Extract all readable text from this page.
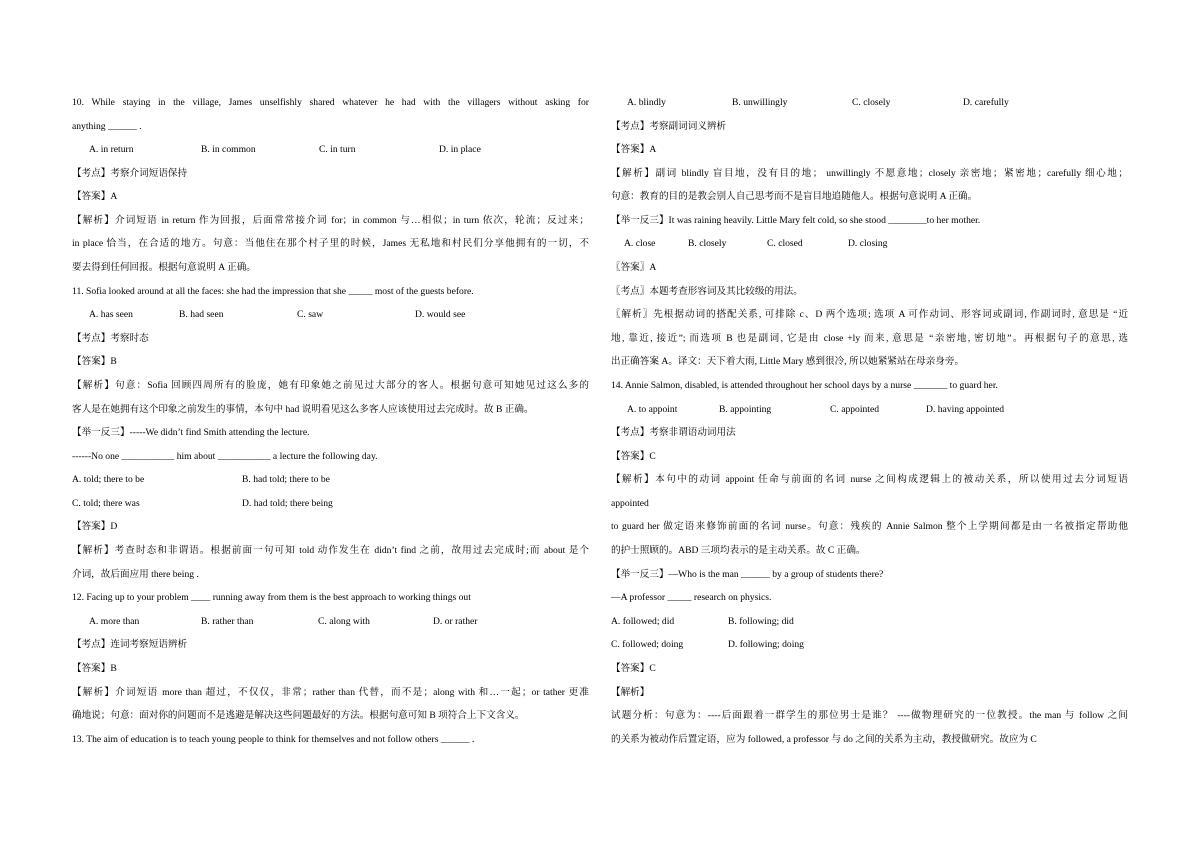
10. While staying in the village, James unselfishly shared whatever he had with the villagers without asking for
anything ______ .
A. in return	B. in common	C. in turn	D. in place
【考点】考察介词短语保持
【答案】A
【解析】介词短语 in return 作为回报，后面常常接介词 for；in common 与…相似；in turn 依次，轮流；反过来；
in place 恰当，在合适的地方。句意：当他住在那个村子里的时候，James 无私地和村民们分享他拥有的一切，不
要去得到任何回报。根据句意说明 A 正确。
11. Sofia looked around at all the faces: she had the impression that she _____ most of the guests before.
A. has seen	B. had seen	C. saw	D. would see
【考点】考察时态
【答案】B
【解析】句意：Sofia 回顾四周所有的脸庞，她有印象她之前见过大部分的客人。根据句意可知她见过这么多的
客人是在她拥有这个印象之前发生的事情，本句中 had 说明看见这么多客人应该使用过去完成时。故 B 正确。
【举一反三】-----We didn’t find Smith attending the lecture.
------No one ___________ him about ___________ a lecture the following day.
A. told; there to be	B. had told; there to be
C. told; there was	D. had told; there being
【答案】D
【解析】考查时态和非谓语。根据前面一句可知 told 动作发生在 didn’t find 之前，故用过去完成时;而 about 是个
介词，故后面应用 there being .
12. Facing up to your problem ____ running away from them is the best approach to working things out
A. more than	B. rather than	C. along with	D. or rather
【考点】连词考察短语辨析
【答案】B
【解析】介词短语 more than 超过，不仅仅，非常；rather than 代替，而不是；along with 和…一起；or tather 更准
确地说；句意：面对你的问题而不是逃避是解决这些问题最好的方法。根据句意可知 B 项符合上下文含义。
13. The aim of education is to teach young people to think for themselves and not follow others ______ .
A. blindly	B. unwillingly	C. closely	D. carefully
【考点】考察副词词义辨析
【答案】A
【解析】副词 blindly 盲目地，没有目的地； unwillingly 不愿意地；closely 亲密地；紧密地；carefully 细心地；
句意：教育的目的是教会别人自己思考而不是盲目地追随他人。根据句意说明 A 正确。
【举一反三】It was raining heavily. Little Mary felt cold, so she stood ________to her mother.
A. close	B. closely	C. closed	D. closing
〖答案〗A
〖考点〗本题考查形容词及其比较级的用法。
〖解析〗先根据动词的搭配关系, 可排除 c、D 两个选项; 选项 A 可作动词、形容词或副词, 作副词时, 意思是 “近
地, 靠近, 接近”; 而选项 B 也是副词, 它是由 close +ly 而来, 意思是 “亲密地, 密切地”。再根据句子的意思, 选
出正确答案 A。译文：天下着大雨, Little Mary 感到很冷, 所以她紧紧站在母亲身旁。
14. Annie Salmon, disabled, is attended throughout her school days by a nurse _______ to guard her.
A. to appoint	B. appointing	C. appointed	D. having appointed
【考点】考察非谓语动词用法
【答案】C
【解析】本句中的动词 appoint 任命与前面的名词 nurse 之间构成逻辑上的被动关系，所以使用过去分词短语
appointed
to guard her 做定语来修饰前面的名词 nurse。句意：残疾的 Annie Salmon 整个上学期间都是由一名被指定帮助他
的护士照顾的。ABD 三项均表示的是主动关系。故 C 正确。
【举一反三】—Who is the man ______ by a group of students there?
—A professor _____ research on physics.
A. followed; did	B. following; did
C. followed; doing	D. following; doing
【答案】C
【解析】
试题分析：句意为：----后面跟着一群学生的那位男士是谁？ ----做物理研究的一位教授。the man 与 follow 之间
的关系为被动作后置定语，应为 followed, a professor 与 do 之间的关系为主动，教授做研究。故应为 C
